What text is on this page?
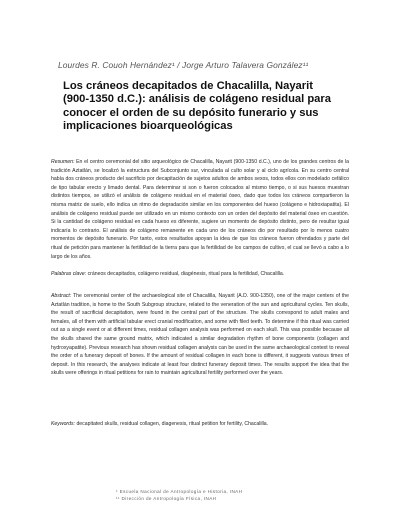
Lourdes R. Couoh Hernández¹ / Jorge Arturo Talavera González¹¹
Los cráneos decapitados de Chacalilla, Nayarit
(900-1350 d.C.): análisis de colágeno residual para
conocer el orden de su depósito funerario y sus
implicaciones bioarqueológicas
Resumen: En el centro ceremonial del sitio arqueológico de Chacalilla, Nayarit (900-1350 d.C.), uno de los grandes centros de la tradición Aztatlán, se localizó la estructura del Subconjunto sur, vinculada al culto solar y al ciclo agrícola. En su centro central había dos cráneos producto del sacrificio por decapitación de sujetos adultos de ambos sexos, todos ellos con modelado cefálico de tipo tabular erecto y limado dental. Para determinar si son o fueron colocados al mismo tiempo, o si sus huesos muestran distintos tiempos, se utilizó el análisis de colágeno residual en el material óseo, dado que todos los cráneos compartieron la misma matriz de suelo, ello indica un ritmo de degradación similar en los componentes del hueso (colágeno e hidroxiapatita). El análisis de colágeno residual puede ser utilizado en un mismo contexto con un orden del depósito del material óseo en cuestión. Si la cantidad de colágeno residual en cada hueso es diferente, sugiere un momento de depósito distinto, pero de resultar igual indicaría lo contrario. El análisis de colágeno remanente en cada uno de los cráneos dio por resultado por lo menos cuatro momentos de depósito funerario. Por tanto, estos resultados apoyan la idea de que los cráneos fueron ofrendados y parte del ritual de petición para mantener la fertilidad de la tierra para que la fertilidad de los campos de cultivo, el cual se llevó a cabo a lo largo de los años.
Palabras clave: cráneos decapitados, colágeno residual, diagénesis, ritual para la fertilidad, Chacalilla.
Abstract: The ceremonial center of the archaeological site of Chacalilla, Nayarit (A.D. 900-1350), one of the major centers of the Aztatlán tradition, is home to the South Subgroup structure, related to the veneration of the sun and agricultural cycles. Ten skulls, the result of sacrificial decapitation, were found in the central part of the structure. The skulls correspond to adult males and females, all of them with artificial tabular erect cranial modification, and some with filed teeth. To determine if this ritual was carried out as a single event or at different times, residual collagen analysis was performed on each skull. This was possible because all the skulls shared the same ground matrix, which indicated a similar degradation rhythm of bone components (collagen and hydroxyapatite). Previous research has shown residual collagen analysis can be used in the same archaeological context to reveal the order of a funerary deposit of bones. If the amount of residual collagen in each bone is different, it suggests various times of deposit. In this research, the analyses indicate at least four distinct funerary deposit times. The results support the idea that the skulls were offerings in ritual petitions for rain to maintain agricultural fertility performed over the years.
Keywords: decapitated skulls, residual collagen, diagenesis, ritual petition for fertility, Chacalilla.
¹ Escuela Nacional de Antropología e Historia, INAH
¹¹ Dirección de Antropología Física, INAH
